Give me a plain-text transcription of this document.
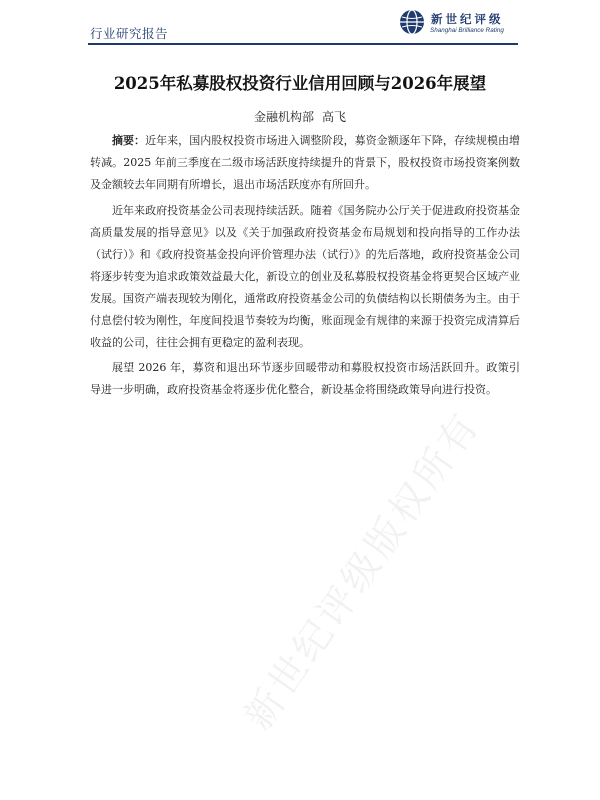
行业研究报告
新世纪评级
Shanghai Brilliance Rating
2025年私募股权投资行业信用回顾与2026年展望
金融机构部 高飞

摘要：近年来，国内股权投资市场进入调整阶段，募资金额逐年下降，存续规模由增转减。2025 年前三季度在二级市场活跃度持续提升的背景下，股权投资市场投资案例数及金额较去年同期有所增长，退出市场活跃度亦有所回升。

近年来政府投资基金公司表现持续活跃。随着《国务院办公厅关于促进政府投资基金高质量发展的指导意见》以及《关于加强政府投资基金布局规划和投向指导的工作办法（试行）》和《政府投资基金投向评价管理办法（试行）》的先后落地，政府投资基金公司将逐步转变为追求政策效益最大化，新设立的创业及私募股权投资基金将更契合区域产业发展。国资产端表现较为刚化，通常政府投资基金公司的负债结构以长期债务为主。由于付息偿付较为刚性，年度间投退节奏较为均衡，账面现金有规律的来源于投资完成清算后收益的公司，往往会拥有更稳定的盈利表现。

展望 2026 年，募资和退出环节逐步回暖带动和募股权投资市场活跃回升。政策引导进一步明确，政府投资基金将逐步优化整合，新设基金将围绕政策导向进行投资。

新世纪评级版权所有
